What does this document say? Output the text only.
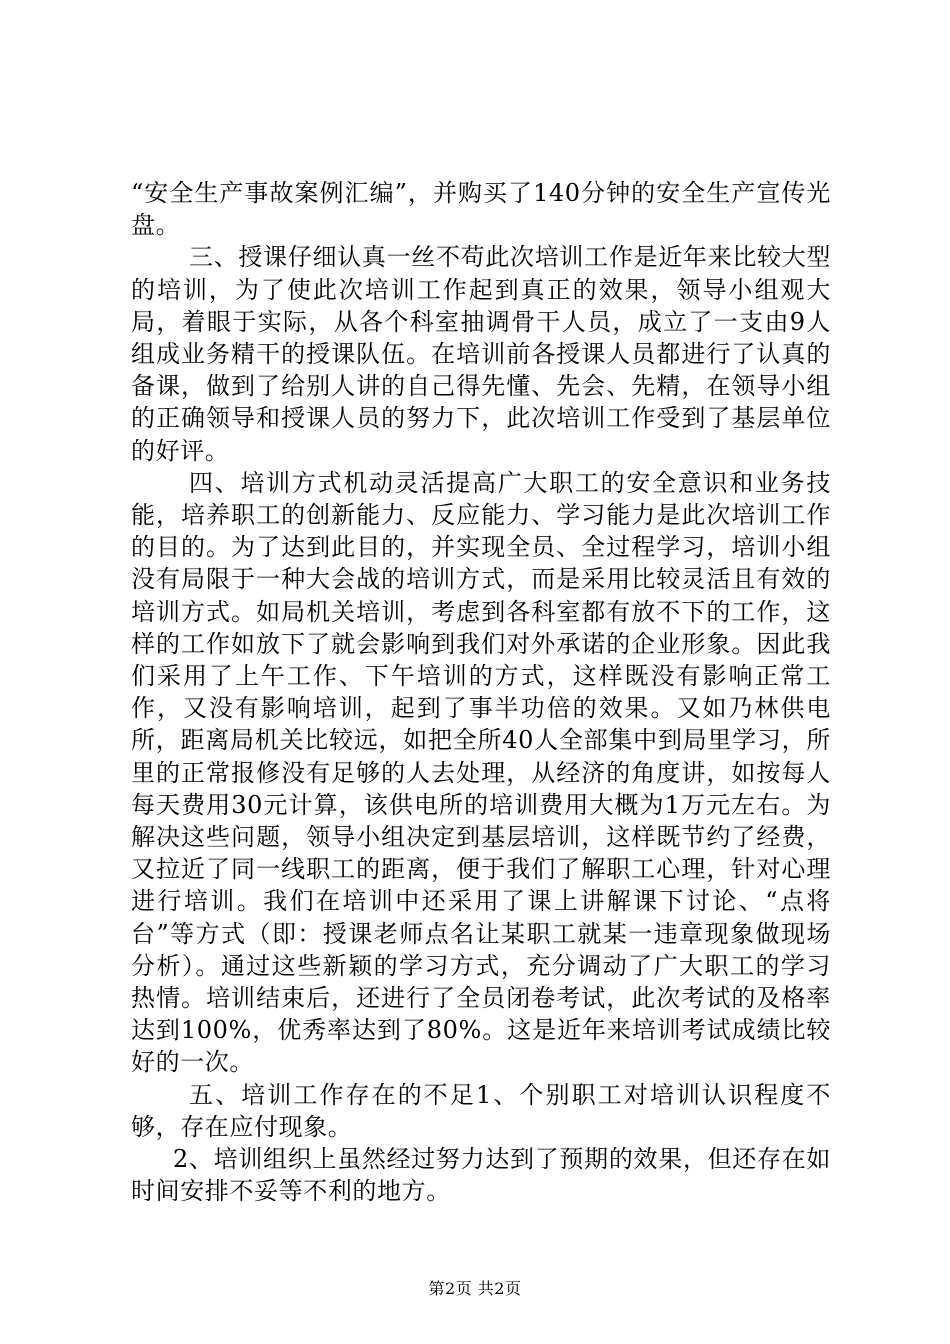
“安全生产事故案例汇编”，并购买了140分钟的安全生产宣传光盘。

三、授课仔细认真一丝不苟此次培训工作是近年来比较大型的培训，为了使此次培训工作起到真正的效果，领导小组观大局，着眼于实际，从各个科室抽调骨干人员，成立了一支由9人组成业务精干的授课队伍。在培训前各授课人员都进行了认真的备课，做到了给别人讲的自己得先懂、先会、先精，在领导小组的正确领导和授课人员的努力下，此次培训工作受到了基层单位的好评。

四、培训方式机动灵活提高广大职工的安全意识和业务技能，培养职工的创新能力、反应能力、学习能力是此次培训工作的目的。为了达到此目的，并实现全员、全过程学习，培训小组没有局限于一种大会战的培训方式，而是采用比较灵活且有效的培训方式。如局机关培训，考虑到各科室都有放不下的工作，这样的工作如放下了就会影响到我们对外承诺的企业形象。因此我们采用了上午工作、下午培训的方式，这样既没有影响正常工作，又没有影响培训，起到了事半功倍的效果。又如乃林供电所，距离局机关比较远，如把全所40人全部集中到局里学习，所里的正常报修没有足够的人去处理，从经济的角度讲，如按每人每天费用30元计算，该供电所的培训费用大概为1万元左右。为解决这些问题，领导小组决定到基层培训，这样既节约了经费，又拉近了同一线职工的距离，便于我们了解职工心理，针对心理进行培训。我们在培训中还采用了课上讲解课下讨论、“点将台”等方式（即：授课老师点名让某职工就某一违章现象做现场分析）。通过这些新颖的学习方式，充分调动了广大职工的学习热情。培训结束后，还进行了全员闭卷考试，此次考试的及格率达到100%，优秀率达到了80%。这是近年来培训考试成绩比较好的一次。

五、培训工作存在的不足1、个别职工对培训认识程度不够，存在应付现象。

2、培训组织上虽然经过努力达到了预期的效果，但还存在如时间安排不妥等不利的地方。

第2页 共2页
